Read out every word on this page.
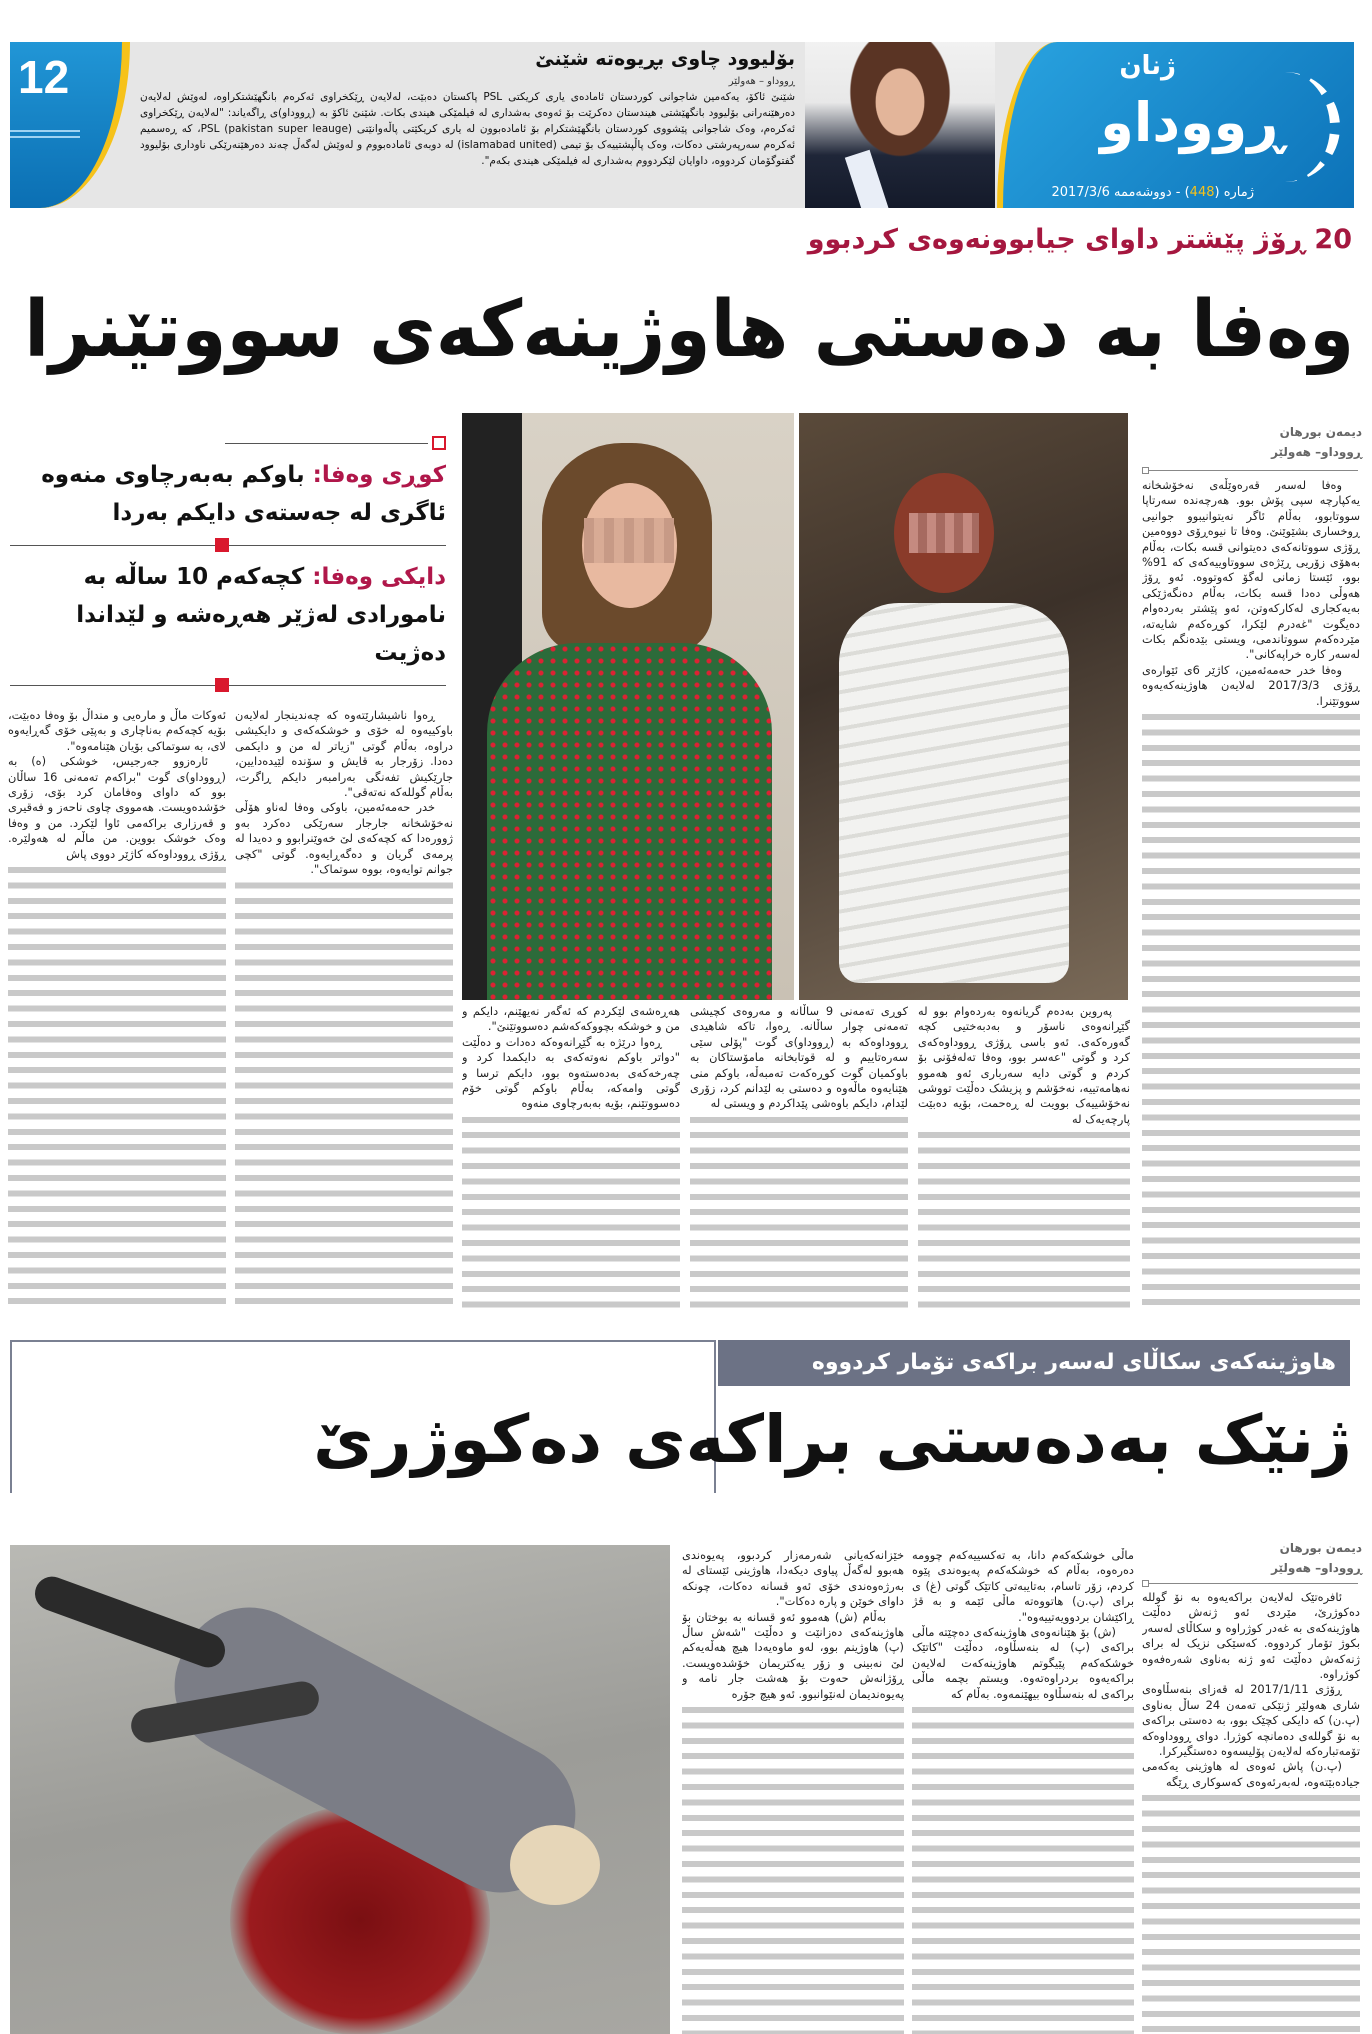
12	بۆلیوود چاوی بڕیوەتە شێنێ
ڕووداو – هەولێر

شێنێ ئاکۆ، یەکەمین شاجوانی کوردستان ئامادەی یاری کریکتی PSL پاکستان دەبێت، لەلایەن ڕێکخراوی ئەکرەم بانگهێشتکراوە، لەوێش لەلایەن دەرهێنەرانی بۆلیوود بانگهێشتی هیندستان دەکرێت بۆ ئەوەی بەشداری لە فیلمێکی هیندی بکات. شێنێ ئاکۆ بە (ڕووداو)ی ڕاگەیاند: "لەلایەن ڕێکخراوی ئەکرەم، وەک شاجوانی پێشووی کوردستان بانگهێشتکرام بۆ ئامادەبوون لە یاری کریکێتی پاڵەوانێتی PSL (pakistan super leauge)، کە ڕەسمیم ئەکرەم سەرپەرشتی دەکات، وەک پاڵپشتییەک بۆ تیمی (islamabad united) لە دوبەی ئامادەبووم و لەوێش لەگەڵ چەند دەرهێنەرێکی ناوداری بۆلیوود گفتوگۆمان کردووە، داوایان لێکردووم بەشداری لە فیلمێکی هیندی بکەم".

ژنان
ڕووداو
ژمارە (448) - دووشەممە 2017/3/6
20 ڕۆژ پێشتر داوای جیابوونەوەی کردبوو
وەفا بە دەستی هاوژینەکەی سووتێنرا

کوڕی وەفا: باوکم بەبەرچاوی منەوە ئاگری لە جەستەی دایکم بەردا

دایکی وەفا: کچەکەم 10 ساڵە بە نامورادی لەژێر هەڕەشە و لێداندا دەژیت

دیمەن بورهان
ڕووداو– هەولێر

وەفا لەسەر قەرەوێڵەی نەخۆشخانە یەکپارچە سپی پۆش بوو. هەرچەندە سەرتاپا سووتابوو، بەڵام ئاگر نەیتوانیبوو جوانیی ڕوخساری بشێوێنێ. وەفا تا نیوەڕۆی دووەمین ڕۆژی سووتانەکەی دەیتوانی قسە بکات، بەڵام بەهۆی زۆریی ڕێژەی سووتاوییەکەی کە 91% بوو، ئێستا زمانی لەگۆ کەوتووە. ئەو ڕۆژ هەوڵی دەدا قسە بکات، بەڵام دەنگەژێکی بەیەکجاری لەکارکەوتن، ئەو پێشتر بەردەوام دەیگوت "غەدرم لێکرا، کوڕەکەم شایەتە، مێردەکەم سووتاندمی، ویستی بێدەنگم بکات لەسەر کارە خراپەکانی".

وەفا خدر حەمەئەمین، کاژێر 6ی ئێوارەی ڕۆژی 2017/3/3 لەلایەن هاوژینەکەیەوە سووتێنرا.

پەروین بەدەم گریانەوە بەردەوام بوو لە گێڕانەوەی ناسۆر و بەدبەختیی کچە گەورەکەی. ئەو باسی ڕۆژی ڕووداوەکەی کرد و گوتی "عەسر بوو، وەفا تەلەفۆنی بۆ کردم و گوتی دایە سەربارى ئەو هەموو نەهامەتییە، نەخۆشم و پزیشک دەڵێت تووشی نەخۆشییەک بوویت لە ڕەحمت، بۆیە دەبێت پارچەیەک لە

کوڕی تەمەنی 9 ساڵانە و مەروەی کچیشی تەمەنی چوار ساڵانە. ڕەوا، تاکە شاهیدی ڕووداوەکە بە (ڕووداو)ی گوت "پۆلی سێی سەرەتاییم و لە قوتابخانە مامۆستاکان بە باوکمیان گوت کوڕەکەت تەمبەڵە، باوکم منی هێنایەوە ماڵەوە و دەستی بە لێدانم کرد، زۆری لێدام، دایکم باوەشی پێداکردم و ویستی لە

هەڕەشەی لێکردم کە ئەگەر نەیهێنم، دایکم و من و خوشکە بچووکەکەشم دەسووتێنێ".

ڕەوا درێژە بە گێڕانەوەکە دەدات و دەڵێت "دواتر باوکم نەوتەکەی بە دایکمدا کرد و چەرخەکەی بەدەستەوە بوو، دایکم ترسا و گوتی وامەکە، بەڵام باوکم گوتی خۆم دەسووتێنم، بۆیە بەبەرچاوی منەوە

ڕەوا ناشیشارێتەوە کە چەندینجار لەلایەن باوکییەوە لە خۆی و خوشکەکەی و دایکیشی دراوە، بەڵام گوتی "زیاتر لە من و دایکمی دەدا. زۆرجار بە قایش و سۆندە لێیدەدایین، جارێکیش تفەنگی بەرامبەر دایکم ڕاگرت، بەڵام گوللەکە نەتەقی".

خدر حەمەئەمین، باوکی وەفا لەناو هۆڵی نەخۆشخانە جارجار سەرێکی دەکرد بەو ژوورەدا کە کچەکەی لێ خەوێنرابوو و دەیدا لە پرمەی گریان و دەگەڕایەوە. گوتی "کچی جوانم توایەوە، بووە سوتماک".

ئەوکات ماڵ و مارەیی و منداڵ بۆ وەفا دەبێت، بۆیە کچەکەم بەناچاری و بەپێی خۆی گەڕایەوە لای، بە سوتماکی بۆیان هێنامەوە".

ئارەزوو جەرجیس، خوشکی (ه) بە (ڕووداو)ی گوت "براکەم تەمەنی 16 ساڵان بوو کە داوای وەفامان کرد بۆی، زۆری خۆشدەویست. هەمووی چاوی ناحەز و فەقیری و قەرزاری براکەمی ئاوا لێکرد. من و وەفا وەک خوشک بووین. من ماڵم لە هەولێرە. ڕۆژی ڕووداوەکە کاژێر دووی پاش

هاوژینەکەی سکاڵای لەسەر براکەی تۆمار کردووە
ژنێک بەدەستی براکەی دەکوژرێ
دیمەن بورهان
ڕووداو– هەولێر

ئافرەتێک لەلایەن براکەیەوە بە نۆ گوللە دەکوژرێ، مێردی ئەو ژنەش دەڵێت هاوژینەکەی بە غەدر کوژراوە و سکاڵای لەسەر بکوژ تۆمار کردووە. کەسێکی نزیک لە برای ژنەکەش دەڵێت ئەو ژنە بەناوی شەرەفەوە کوژراوە.

ڕۆژی 2017/1/11 لە قەزای بنەسڵاوەی شاری هەولێر ژنێکی تەمەن 24 ساڵ بەناوی (پ.ن) کە دایکی کچێک بوو، بە دەستی براکەی بە نۆ گوللەی دەمانچە کوژرا. دوای ڕووداوەکە تۆمەتبارەکە لەلایەن پۆلیسەوە دەستگیرکرا.

(پ.ن) پاش ئەوەی لە هاوژینی یەکەمی جیادەبێتەوە، لەبەرئەوەی کەسوکاری ڕێگە

ماڵی خوشکەکەم دانا، بە تەکسییەکەم چوومە دەرەوە، بەڵام کە خوشکەکەم پەیوەندی پێوە کردم، زۆر تاسام، بەتایبەتی کاتێک گوتی (غ) ی برای (پ.ن) هاتووەتە ماڵی ئێمە و بە قژ ڕاکێشان بردوویەتییەوە".

(ش) بۆ هێنانەوەی هاوژینەکەی دەچێتە ماڵی براکەی (پ) لە بنەسڵاوە، دەڵێت "کاتێک خوشکەکەم پێیگوتم هاوژینەکەت لەلایەن براکەیەوە بردراوەتەوە. ویستم بچمە ماڵی براکەی لە بنەسڵاوە بیهێنمەوە. بەڵام کە

خێزانەکەیانی شەرمەزار کردبوو، پەیوەندی هەبوو لەگەڵ پیاوی دیکەدا، هاوژینی ئێستای لە بەرژەوەندی خۆی ئەو قسانە دەکات، چونکە داوای خوێن و پارە دەکات".

بەڵام (ش) هەموو ئەو قسانە بە بوختان بۆ هاوژینەکەی دەزانێت و دەڵێت "شەش ساڵ (پ) هاوژینم بوو، لەو ماوەیەدا هیچ هەڵەیەکم لێ نەبینی و زۆر یەکتریمان خۆشدەویست. ڕۆژانەش حەوت بۆ هەشت جار نامە و پەیوەندیمان لەنێوانبوو. ئەو هیچ جۆرە
